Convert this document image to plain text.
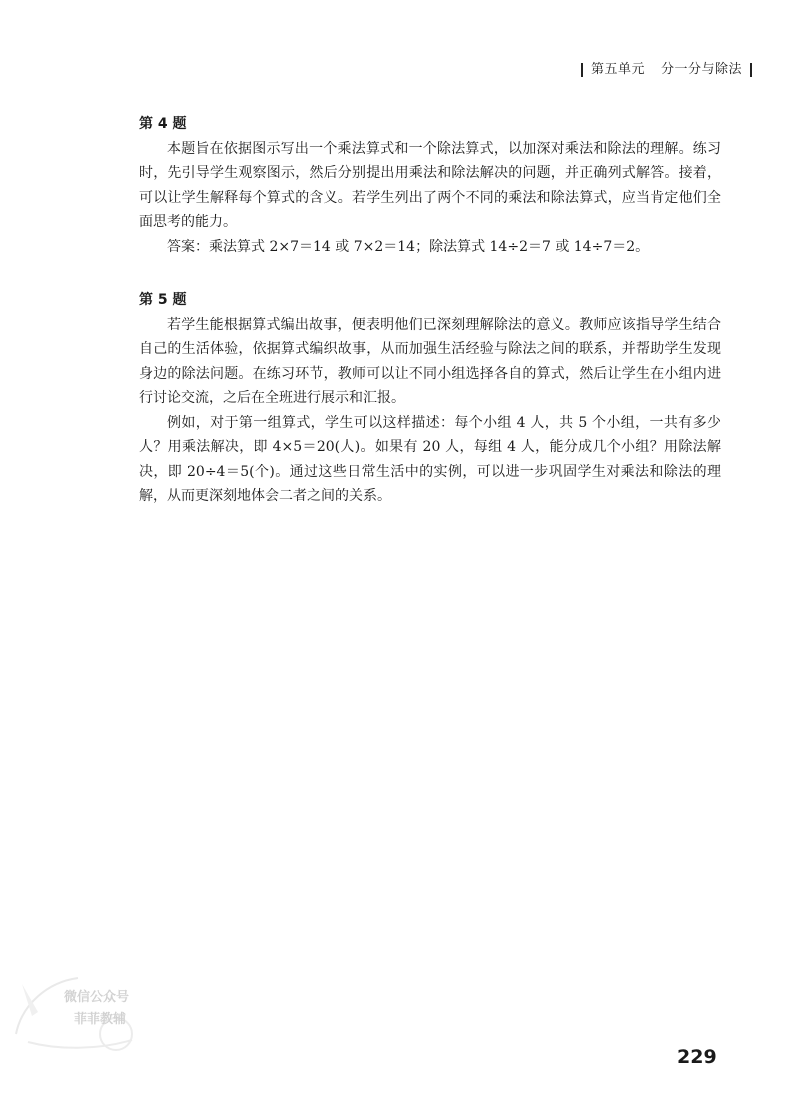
第五单元 分一分与除法

第 4 题

本题旨在依据图示写出一个乘法算式和一个除法算式，以加深对乘法和除法的理解。练习时，先引导学生观察图示，然后分别提出用乘法和除法解决的问题，并正确列式解答。接着，可以让学生解释每个算式的含义。若学生列出了两个不同的乘法和除法算式，应当肯定他们全面思考的能力。

答案：乘法算式 2×7＝14 或 7×2＝14；除法算式 14÷2＝7 或 14÷7＝2。

第 5 题

若学生能根据算式编出故事，便表明他们已深刻理解除法的意义。教师应该指导学生结合自己的生活体验，依据算式编织故事，从而加强生活经验与除法之间的联系，并帮助学生发现身边的除法问题。在练习环节，教师可以让不同小组选择各自的算式，然后让学生在小组内进行讨论交流，之后在全班进行展示和汇报。

例如，对于第一组算式，学生可以这样描述：每个小组 4 人，共 5 个小组，一共有多少人？用乘法解决，即 4×5＝20(人)。如果有 20 人，每组 4 人，能分成几个小组？用除法解决，即 20÷4＝5(个)。通过这些日常生活中的实例，可以进一步巩固学生对乘法和除法的理解，从而更深刻地体会二者之间的关系。

微信公众号
菲菲教辅
229
